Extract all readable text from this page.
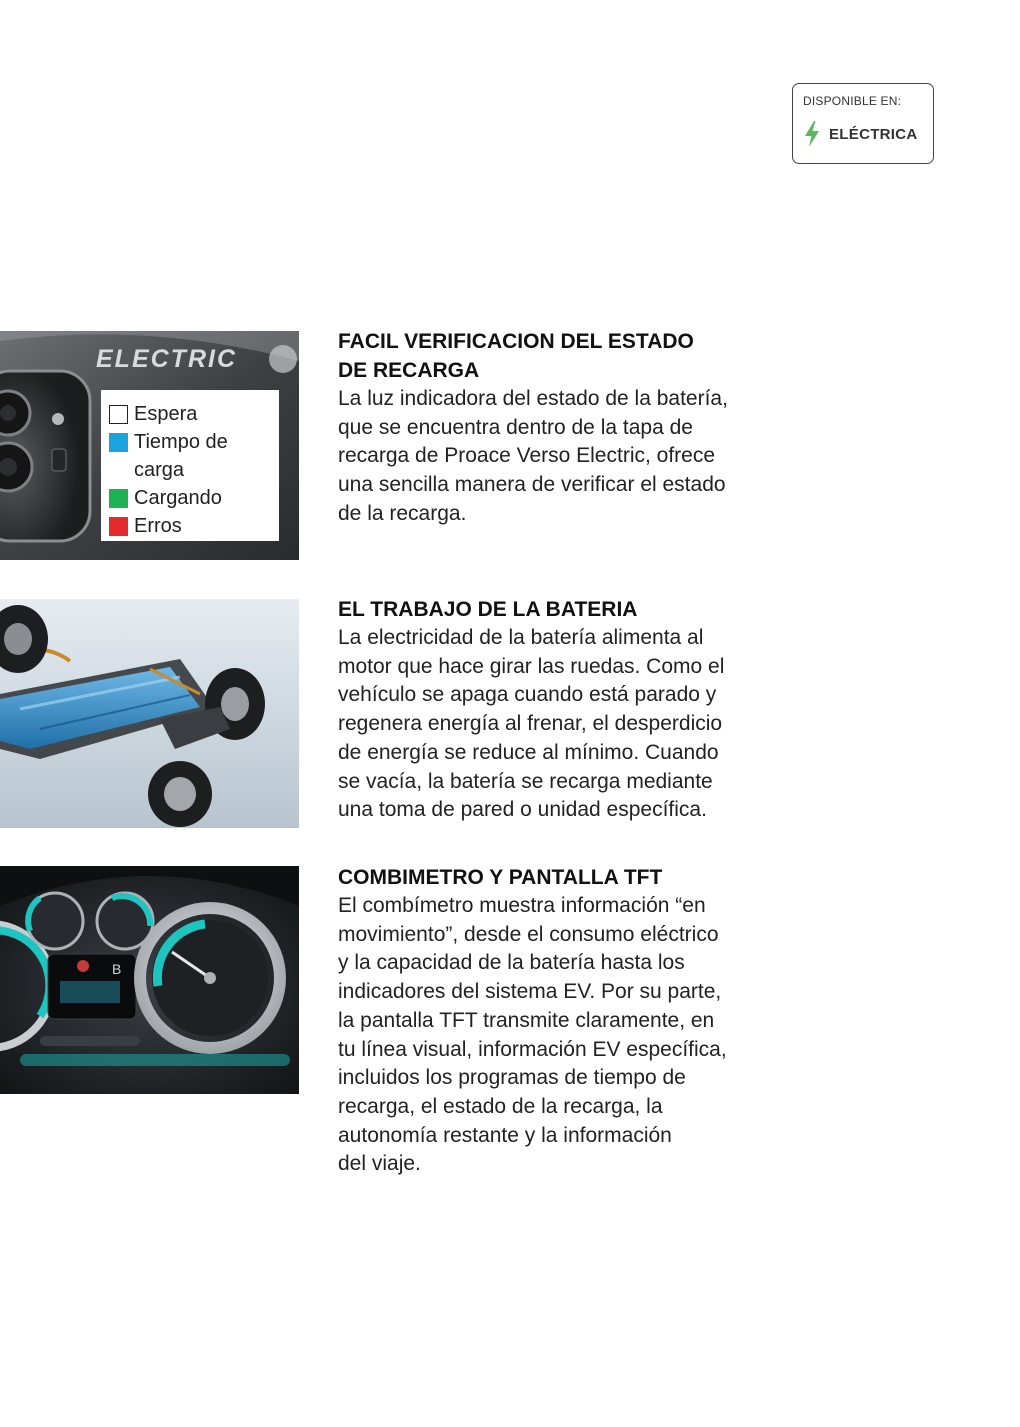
DISPONIBLE EN:
ELÉCTRICA
ELECTRIC
Espera
Tiempo de carga
Cargando
Erros
B
FACIL VERIFICACION DEL ESTADO
DE RECARGA

La luz indicadora del estado de la batería,
que se encuentra dentro de la tapa de
recarga de Proace Verso Electric, ofrece
una sencilla manera de verificar el estado
de la recarga.

EL TRABAJO DE LA BATERIA

La electricidad de la batería alimenta al
motor que hace girar las ruedas. Como el
vehículo se apaga cuando está parado y
regenera energía al frenar, el desperdicio
de energía se reduce al mínimo. Cuando
se vacía, la batería se recarga mediante
una toma de pared o unidad específica.

COMBIMETRO Y PANTALLA TFT

El combímetro muestra información “en
movimiento”, desde el consumo eléctrico
y la capacidad de la batería hasta los
indicadores del sistema EV. Por su parte,
la pantalla TFT transmite claramente, en
tu línea visual, información EV específica,
incluidos los programas de tiempo de
recarga, el estado de la recarga, la
autonomía restante y la información
del viaje.
